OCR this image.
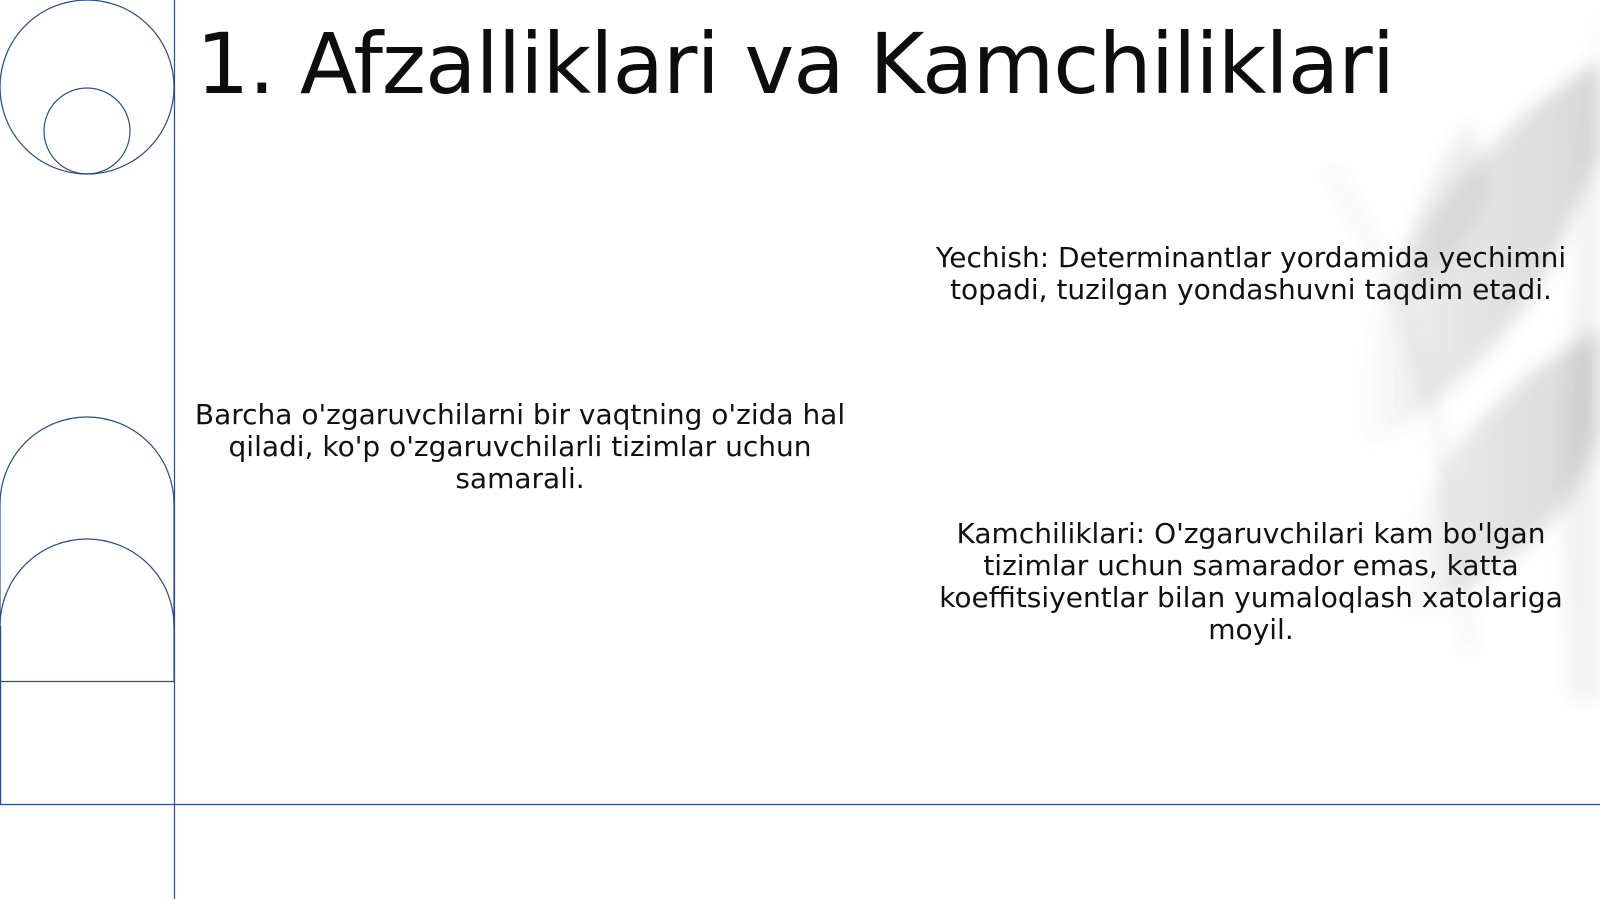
1. Afzalliklari va Kamchiliklari

Barcha o'zgaruvchilarni bir vaqtning o'zida hal qiladi, ko'p o'zgaruvchilarli tizimlar uchun samarali.

Yechish: Determinantlar yordamida yechimni topadi, tuzilgan yondashuvni taqdim etadi.

Kamchiliklari: O'zgaruvchilari kam bo'lgan tizimlar uchun samarador emas, katta koeffitsiyentlar bilan yumaloqlash xatolariga moyil.
